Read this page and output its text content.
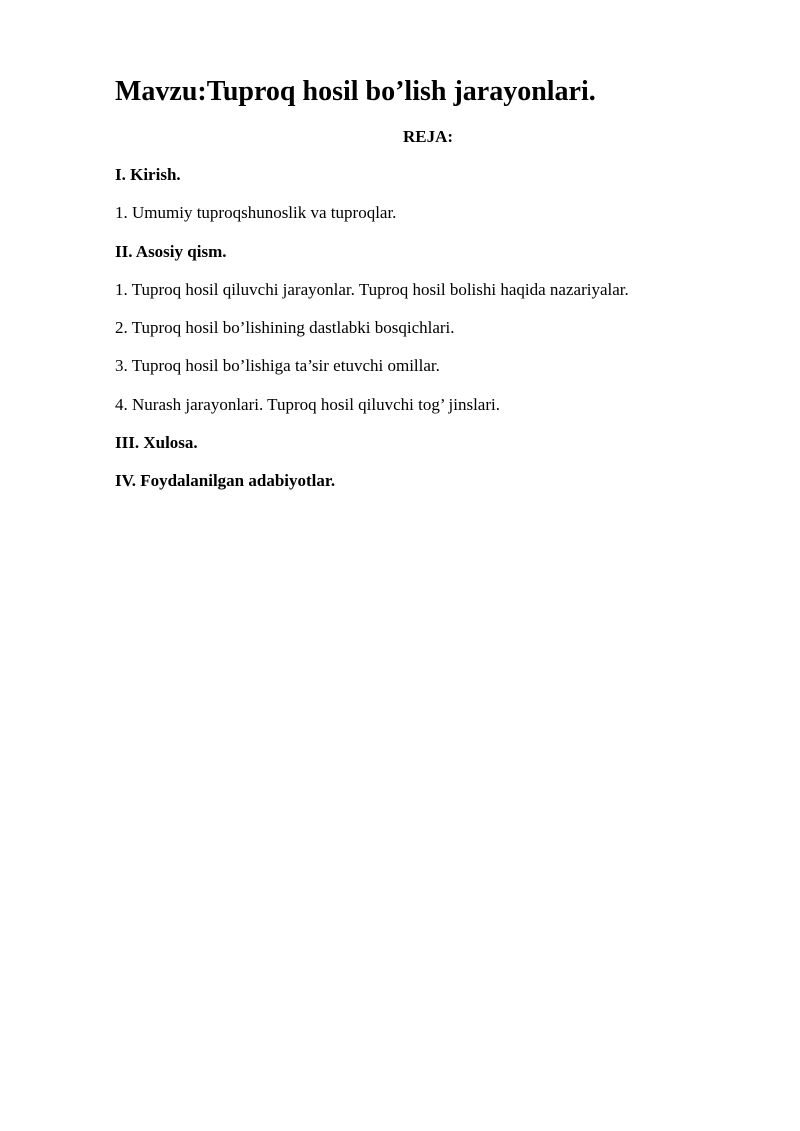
Mavzu:Tuproq hosil bo’lish jarayonlari.

REJA:

I. Kirish.

1. Umumiy tuproqshunoslik va tuproqlar.

II. Asosiy qism.

1. Tuproq hosil qiluvchi jarayonlar. Tuproq hosil bolishi haqida nazariyalar.

2. Tuproq hosil bo’lishining dastlabki bosqichlari.

3. Tuproq hosil bo’lishiga ta’sir etuvchi omillar.

4. Nurash jarayonlari. Tuproq hosil qiluvchi tog’ jinslari.

III. Xulosa.

IV. Foydalanilgan adabiyotlar.
